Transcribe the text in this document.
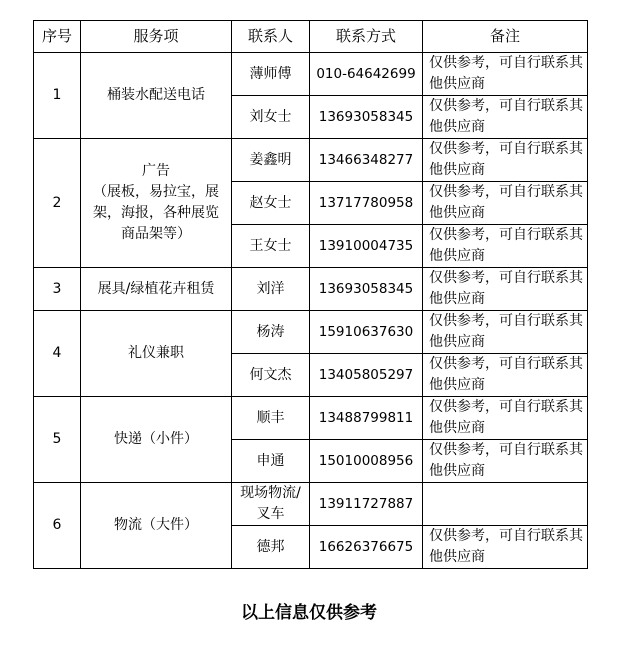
序号	服务项	联系人	联系方式	备注
1	桶装水配送电话	薄师傅	010-64642699	仅供参考，可自行联系其他供应商
		刘女士	13693058345	仅供参考，可自行联系其他供应商
2	广告
（展板，易拉宝，展
架，海报，各种展览
商品架等）	姜鑫明	13466348277	仅供参考，可自行联系其他供应商
		赵女士	13717780958	仅供参考，可自行联系其他供应商
		王女士	13910004735	仅供参考，可自行联系其他供应商
3	展具/绿植花卉租赁	刘洋	13693058345	仅供参考，可自行联系其他供应商
4	礼仪兼职	杨涛	15910637630	仅供参考，可自行联系其他供应商
		何文杰	13405805297	仅供参考，可自行联系其他供应商
5	快递（小件）	顺丰	13488799811	仅供参考，可自行联系其他供应商
		申通	15010008956	仅供参考，可自行联系其他供应商
6	物流（大件）	现场物流/叉车	13911727887	
		德邦	16626376675	仅供参考，可自行联系其他供应商
以上信息仅供参考
